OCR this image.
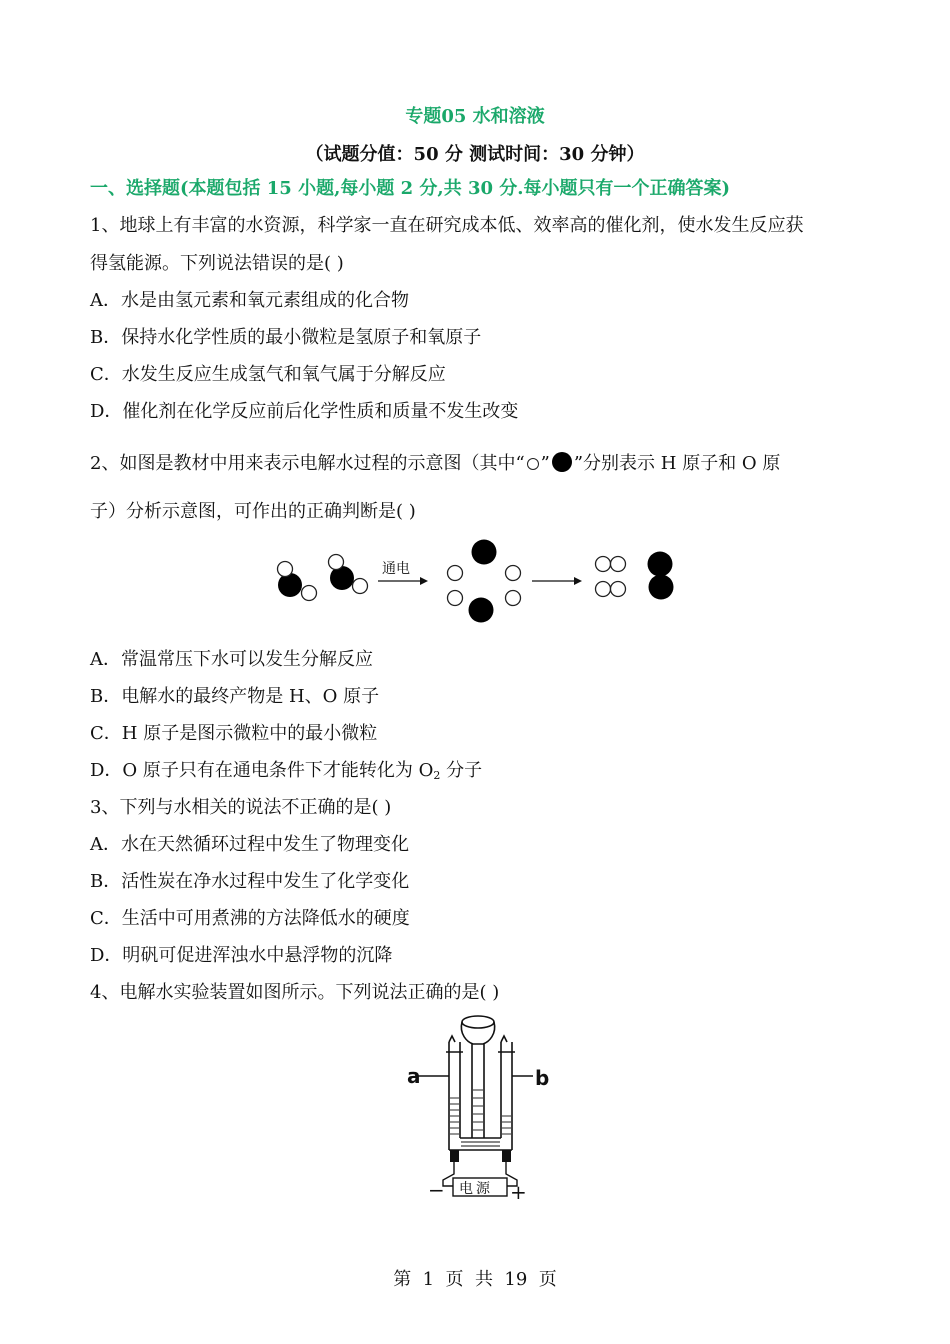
专题05 水和溶液
（试题分值：50 分 测试时间：30 分钟）
一、选择题(本题包括 15 小题,每小题 2 分,共 30 分.每小题只有一个正确答案)
1、地球上有丰富的水资源，科学家一直在研究成本低、效率高的催化剂，使水发生反应获
得氢能源。下列说法错误的是( )
A．水是由氢元素和氧元素组成的化合物
B．保持水化学性质的最小微粒是氢原子和氧原子
C．水发生反应生成氢气和氧气属于分解反应
D．催化剂在化学反应前后化学性质和质量不发生改变
2、如图是教材中用来表示电解水过程的示意图（其中“ ” ”分别表示 H 原子和 O 原
子）分析示意图，可作出的正确判断是( )
通电
A．常温常压下水可以发生分解反应
B．电解水的最终产物是 H、O 原子
C．H 原子是图示微粒中的最小微粒
D．O 原子只有在通电条件下才能转化为 $O_2$ 分子
3、下列与水相关的说法不正确的是( )
A．水在天然循环过程中发生了物理变化
B．活性炭在净水过程中发生了化学变化
C．生活中可用煮沸的方法降低水的硬度
D．明矾可促进浑浊水中悬浮物的沉降
4、电解水实验装置如图所示。下列说法正确的是( )
a	b
电源
−	+
第  1  页  共  19  页
